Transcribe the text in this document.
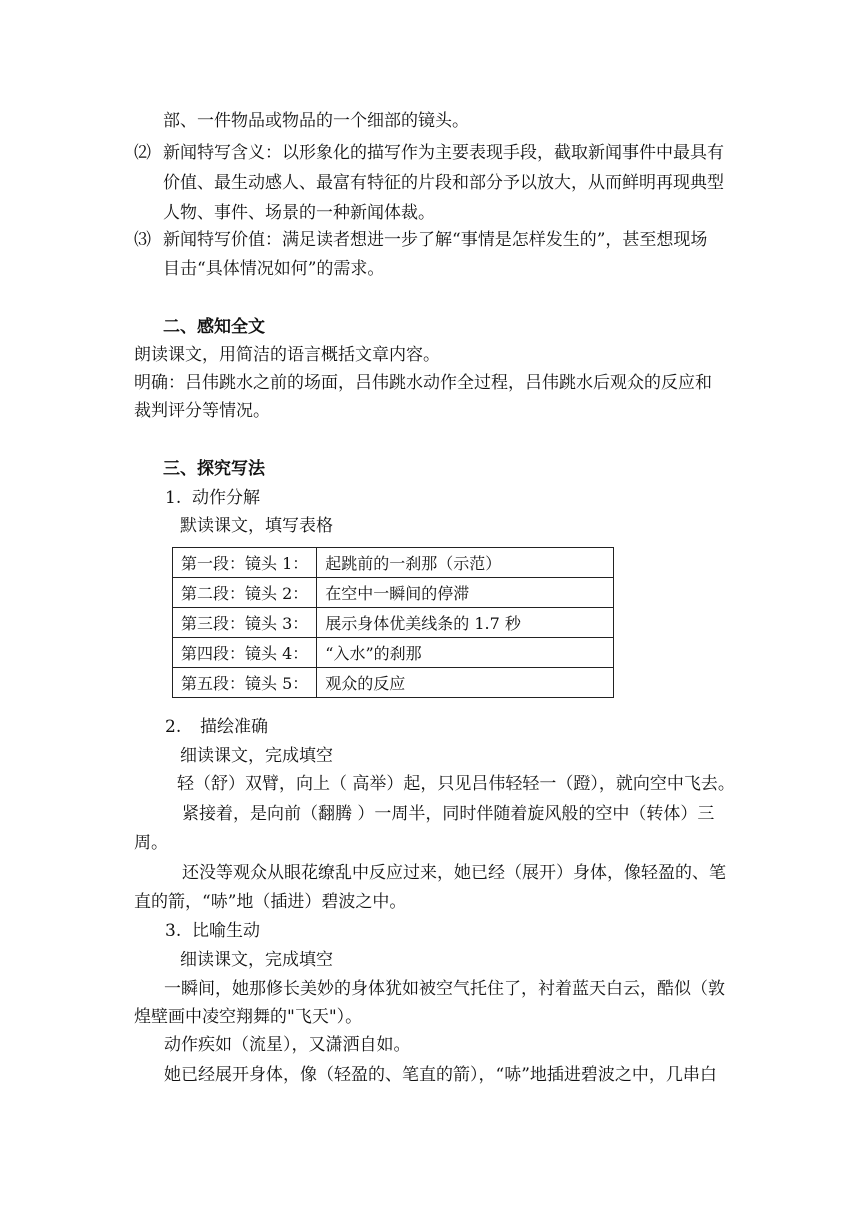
部、一件物品或物品的一个细部的镜头。
⑵ 新闻特写含义：以形象化的描写作为主要表现手段，截取新闻事件中最具有
价值、最生动感人、最富有特征的片段和部分予以放大，从而鲜明再现典型
人物、事件、场景的一种新闻体裁。
⑶ 新闻特写价值：满足读者想进一步了解“事情是怎样发生的”，甚至想现场
目击“具体情况如何”的需求。
二、感知全文
朗读课文，用简洁的语言概括文章内容。
明确：吕伟跳水之前的场面，吕伟跳水动作全过程，吕伟跳水后观众的反应和
裁判评分等情况。
三、探究写法
1. 动作分解
默读课文，填写表格
第一段：镜头 1：	起跳前的一刹那（示范）
第二段：镜头 2：	在空中一瞬间的停滞
第三段：镜头 3：	展示身体优美线条的 1.7 秒
第四段：镜头 4：	“入水”的刹那
第五段：镜头 5：	观众的反应
2. 描绘准确
细读课文，完成填空
轻（舒）双臂，向上（ 高举）起，只见吕伟轻轻一（蹬），就向空中飞去。
紧接着，是向前（翻腾 ）一周半，同时伴随着旋风般的空中（转体）三
周。
还没等观众从眼花缭乱中反应过来，她已经（展开）身体，像轻盈的、笔
直的箭，“哧”地（插进）碧波之中。
3. 比喻生动
细读课文，完成填空
一瞬间，她那修长美妙的身体犹如被空气托住了，衬着蓝天白云，酷似（敦
煌壁画中凌空翔舞的"飞天"）。
动作疾如（流星），又潇洒自如。
她已经展开身体，像（轻盈的、笔直的箭），“哧”地插进碧波之中，几串白
